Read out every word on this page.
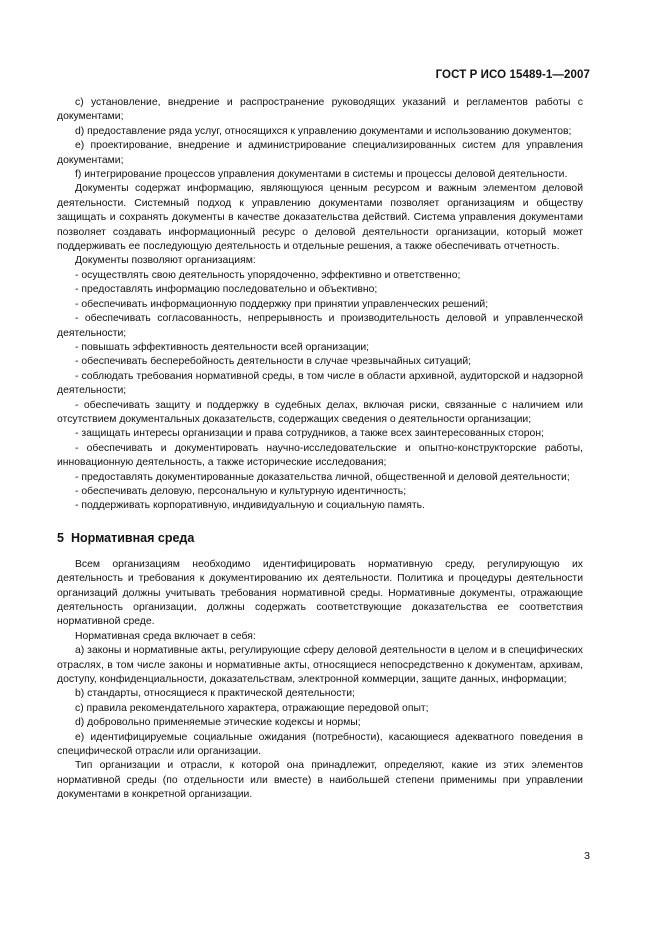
ГОСТ Р ИСО 15489-1—2007

c) установление, внедрение и распространение руководящих указаний и регламентов работы с документами;

d) предоставление ряда услуг, относящихся к управлению документами и использованию документов;

e) проектирование, внедрение и администрирование специализированных систем для управления документами;

f) интегрирование процессов управления документами в системы и процессы деловой деятельности.

Документы содержат информацию, являющуюся ценным ресурсом и важным элементом деловой деятельности. Системный подход к управлению документами позволяет организациям и обществу защищать и сохранять документы в качестве доказательства действий. Система управления документами позволяет создавать информационный ресурс о деловой деятельности организации, который может поддерживать ее последующую деятельность и отдельные решения, а также обеспечивать отчетность.

Документы позволяют организациям:

- осуществлять свою деятельность упорядоченно, эффективно и ответственно;

- предоставлять информацию последовательно и объективно;

- обеспечивать информационную поддержку при принятии управленческих решений;

- обеспечивать согласованность, непрерывность и производительность деловой и управленческой деятельности;

- повышать эффективность деятельности всей организации;

- обеспечивать бесперебойность деятельности в случае чрезвычайных ситуаций;

- соблюдать требования нормативной среды, в том числе в области архивной, аудиторской и надзорной деятельности;

- обеспечивать защиту и поддержку в судебных делах, включая риски, связанные с наличием или отсутствием документальных доказательств, содержащих сведения о деятельности организации;

- защищать интересы организации и права сотрудников, а также всех заинтересованных сторон;

- обеспечивать и документировать научно-исследовательские и опытно-конструкторские работы, инновационную деятельность, а также исторические исследования;

- предоставлять документированные доказательства личной, общественной и деловой деятельности;

- обеспечивать деловую, персональную и культурную идентичность;

- поддерживать корпоративную, индивидуальную и социальную память.

5 Нормативная среда

Всем организациям необходимо идентифицировать нормативную среду, регулирующую их деятельность и требования к документированию их деятельности. Политика и процедуры деятельности организаций должны учитывать требования нормативной среды. Нормативные документы, отражающие деятельность организации, должны содержать соответствующие доказательства ее соответствия нормативной среде.

Нормативная среда включает в себя:

a) законы и нормативные акты, регулирующие сферу деловой деятельности в целом и в специфических отраслях, в том числе законы и нормативные акты, относящиеся непосредственно к документам, архивам, доступу, конфиденциальности, доказательствам, электронной коммерции, защите данных, информации;

b) стандарты, относящиеся к практической деятельности;

c) правила рекомендательного характера, отражающие передовой опыт;

d) добровольно применяемые этические кодексы и нормы;

e) идентифицируемые социальные ожидания (потребности), касающиеся адекватного поведения в специфической отрасли или организации.

Тип организации и отрасли, к которой она принадлежит, определяют, какие из этих элементов нормативной среды (по отдельности или вместе) в наибольшей степени применимы при управлении документами в конкретной организации.

3
